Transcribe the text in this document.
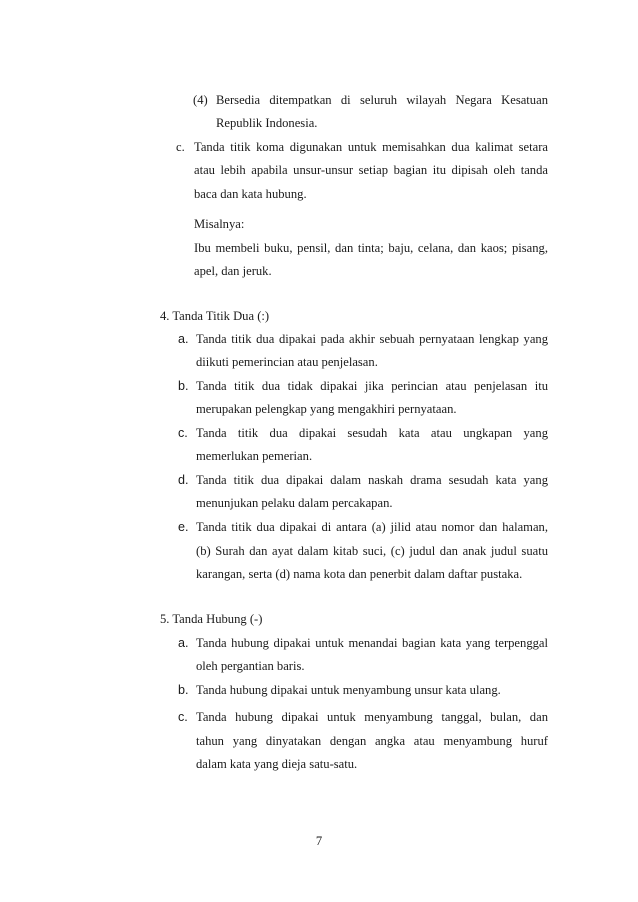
(4) Bersedia ditempatkan di seluruh wilayah Negara Kesatuan
Republik Indonesia.
c. Tanda titik koma digunakan untuk memisahkan dua kalimat setara
atau lebih apabila unsur-unsur setiap bagian itu dipisah oleh tanda
baca dan kata hubung.
Misalnya:
Ibu membeli buku, pensil, dan tinta; baju, celana, dan kaos; pisang,
apel, dan jeruk.
4. Tanda Titik Dua (:)
a. Tanda titik dua dipakai pada akhir sebuah pernyataan lengkap yang
diikuti pemerincian atau penjelasan.
b. Tanda titik dua tidak dipakai jika perincian atau penjelasan itu
merupakan pelengkap yang mengakhiri pernyataan.
c. Tanda titik dua dipakai sesudah kata atau ungkapan yang
memerlukan pemerian.
d. Tanda titik dua dipakai dalam naskah drama sesudah kata yang
menunjukan pelaku dalam percakapan.
e. Tanda titik dua dipakai di antara (a) jilid atau nomor dan halaman,
(b) Surah dan ayat dalam kitab suci, (c) judul dan anak judul suatu
karangan, serta (d) nama kota dan penerbit dalam daftar pustaka.
5. Tanda Hubung (-)
a. Tanda hubung dipakai untuk menandai bagian kata yang terpenggal
oleh pergantian baris.
b. Tanda hubung dipakai untuk menyambung unsur kata ulang.
c. Tanda hubung dipakai untuk menyambung tanggal, bulan, dan
tahun yang dinyatakan dengan angka atau menyambung huruf
dalam kata yang dieja satu-satu.
7
